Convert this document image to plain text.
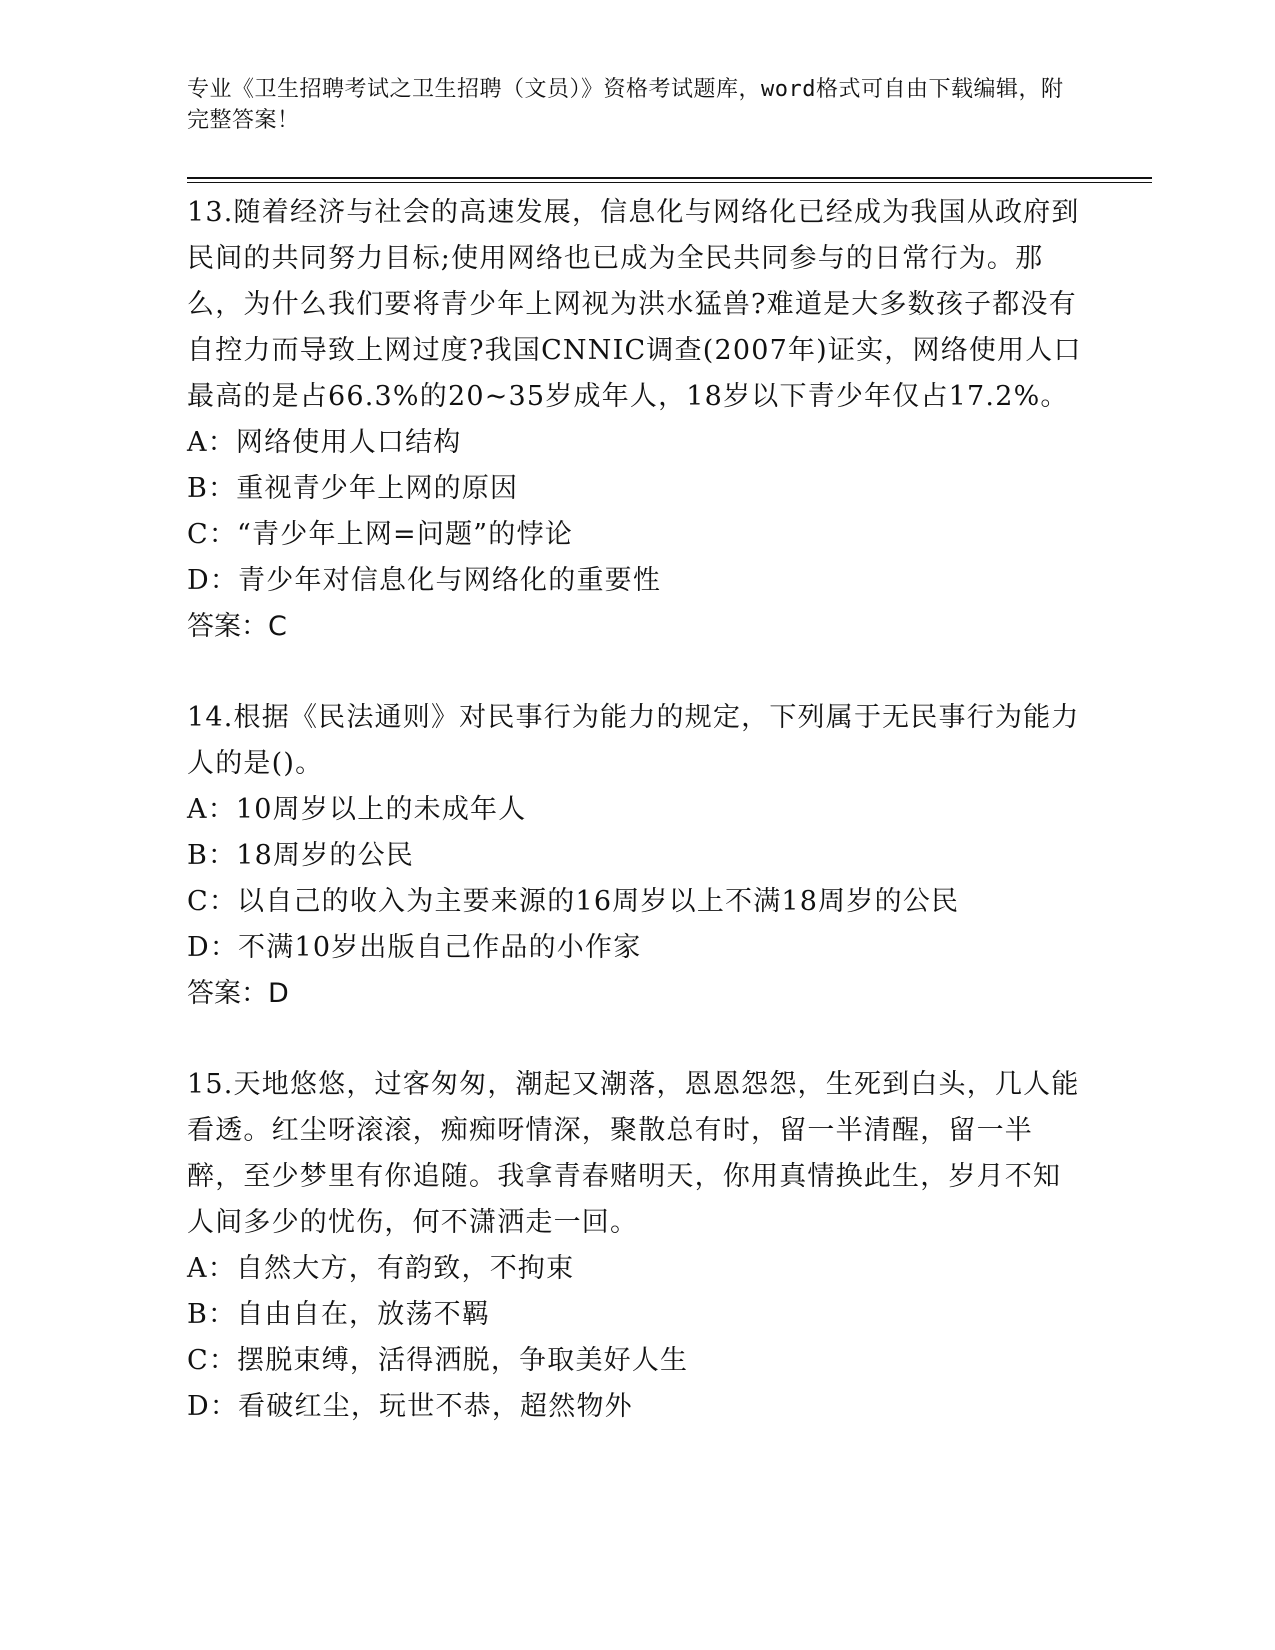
专业《卫生招聘考试之卫生招聘（文员）》资格考试题库，word格式可自由下载编辑，附完整答案！

13.随着经济与社会的高速发展，信息化与网络化已经成为我国从政府到民间的共同努力目标;使用网络也已成为全民共同参与的日常行为。那么，为什么我们要将青少年上网视为洪水猛兽?难道是大多数孩子都没有自控力而导致上网过度?我国CNNIC调查(2007年)证实，网络使用人口最高的是占66.3%的20~35岁成年人，18岁以下青少年仅占17.2%。

A：网络使用人口结构

B：重视青少年上网的原因

C：“青少年上网=问题”的悖论

D：青少年对信息化与网络化的重要性

答案：C

14.根据《民法通则》对民事行为能力的规定，下列属于无民事行为能力人的是()。

A：10周岁以上的未成年人

B：18周岁的公民

C：以自己的收入为主要来源的16周岁以上不满18周岁的公民

D：不满10岁出版自己作品的小作家

答案：D

15.天地悠悠，过客匆匆，潮起又潮落，恩恩怨怨，生死到白头，几人能看透。红尘呀滚滚，痴痴呀情深，聚散总有时，留一半清醒，留一半醉，至少梦里有你追随。我拿青春赌明天，你用真情换此生，岁月不知人间多少的忧伤，何不潇洒走一回。

A：自然大方，有韵致，不拘束

B：自由自在，放荡不羁

C：摆脱束缚，活得洒脱，争取美好人生

D：看破红尘，玩世不恭，超然物外
